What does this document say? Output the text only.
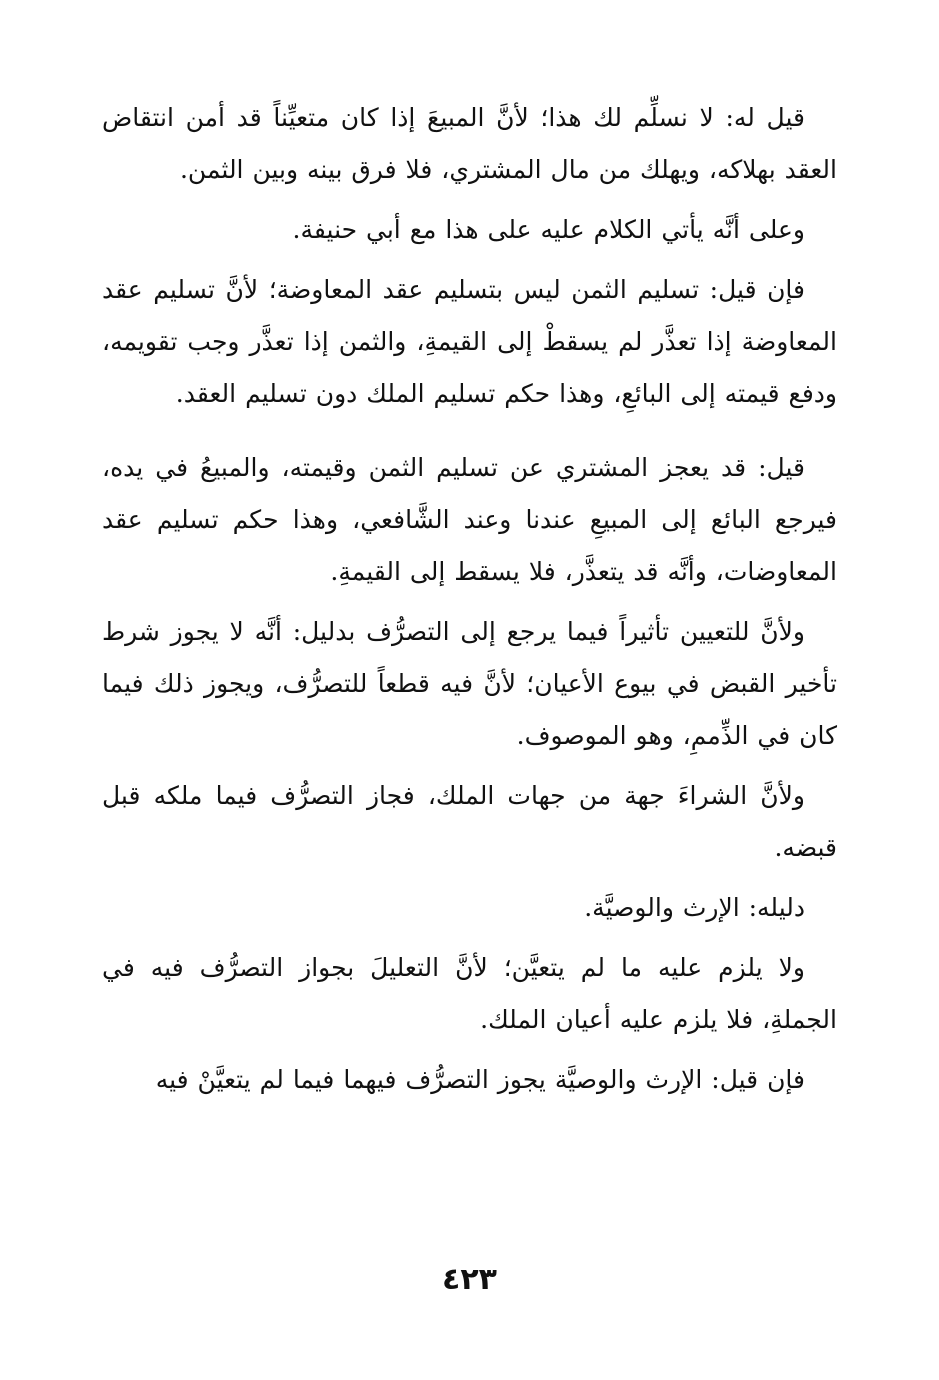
قيل له: لا نسلِّم لك هذا؛ لأنَّ المبيعَ إذا كان متعيِّناً قد أمن انتقاض العقد بهلاكه، ويهلك من مال المشتري، فلا فرق بينه وبين الثمن.

وعلى أنَّه يأتي الكلام عليه على هذا مع أبي حنيفة.

فإن قيل: تسليم الثمن ليس بتسليم عقد المعاوضة؛ لأنَّ تسليم عقد المعاوضة إذا تعذَّر لم يسقطْ إلى القيمةِ، والثمن إذا تعذَّر وجب تقويمه، ودفع قيمته إلى البائعِ، وهذا حكم تسليم الملك دون تسليم العقد.

قيل: قد يعجز المشتري عن تسليم الثمن وقيمته، والمبيعُ في يده، فيرجع البائع إلى المبيعِ عندنا وعند الشَّافعي، وهذا حكم تسليم عقد المعاوضات، وأنَّه قد يتعذَّر، فلا يسقط إلى القيمةِ.

ولأنَّ للتعيين تأثيراً فيما يرجع إلى التصرُّف بدليل: أنَّه لا يجوز شرط تأخير القبض في بيوع الأعيان؛ لأنَّ فيه قطعاً للتصرُّف، ويجوز ذلك فيما كان في الذِّممِ، وهو الموصوف.

ولأنَّ الشراءَ جهة من جهات الملك، فجاز التصرُّف فيما ملكه قبل قبضه.

دليله: الإرث والوصيَّة.

ولا يلزم عليه ما لم يتعيَّن؛ لأنَّ التعليلَ بجواز التصرُّف فيه في الجملةِ، فلا يلزم عليه أعيان الملك.

فإن قيل: الإرث والوصيَّة يجوز التصرُّف فيهما فيما لم يتعيَّنْ فيه

٤٢٣
